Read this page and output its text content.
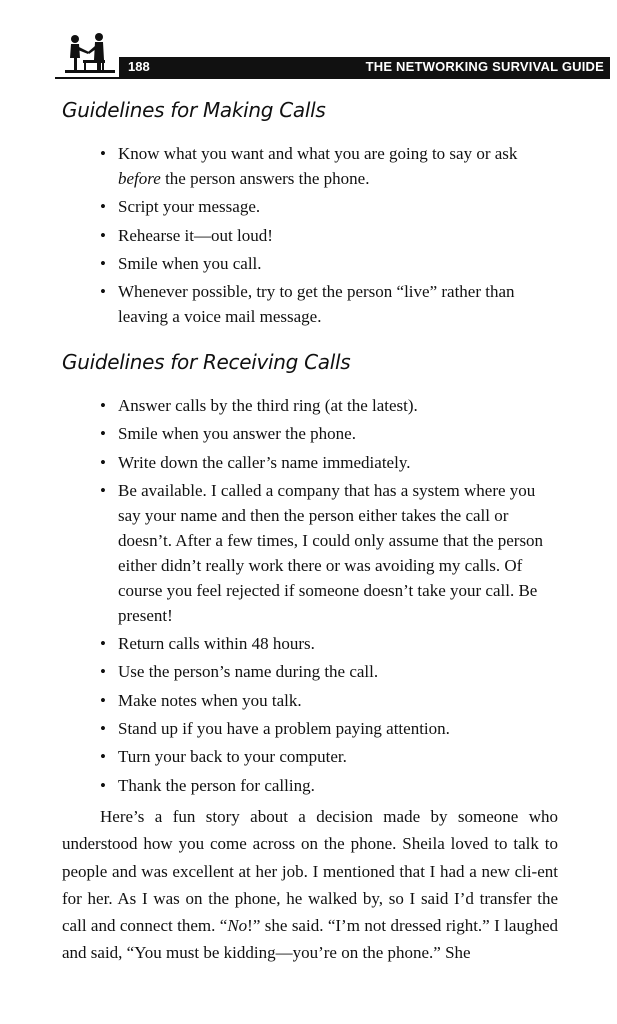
188	THE NETWORKING SURVIVAL GUIDE
Guidelines for Making Calls
• Know what you want and what you are going to say or ask before the person answers the phone.
• Script your message.
• Rehearse it—out loud!
• Smile when you call.
• Whenever possible, try to get the person “live” rather than leaving a voice mail message.
Guidelines for Receiving Calls
• Answer calls by the third ring (at the latest).
• Smile when you answer the phone.
• Write down the caller’s name immediately.
• Be available. I called a company that has a system where you say your name and then the person either takes the call or doesn’t. After a few times, I could only assume that the person either didn’t really work there or was avoiding my calls. Of course you feel rejected if someone doesn’t take your call. Be present!
• Return calls within 48 hours.
• Use the person’s name during the call.
• Make notes when you talk.
• Stand up if you have a problem paying attention.
• Turn your back to your computer.
• Thank the person for calling.

Here’s a fun story about a decision made by someone who understood how you come across on the phone. Sheila loved to talk to people and was excellent at her job. I mentioned that I had a new cli-ent for her. As I was on the phone, he walked by, so I said I’d transfer the call and connect them. “No!” she said. “I’m not dressed right.” I laughed and said, “You must be kidding—you’re on the phone.” She
